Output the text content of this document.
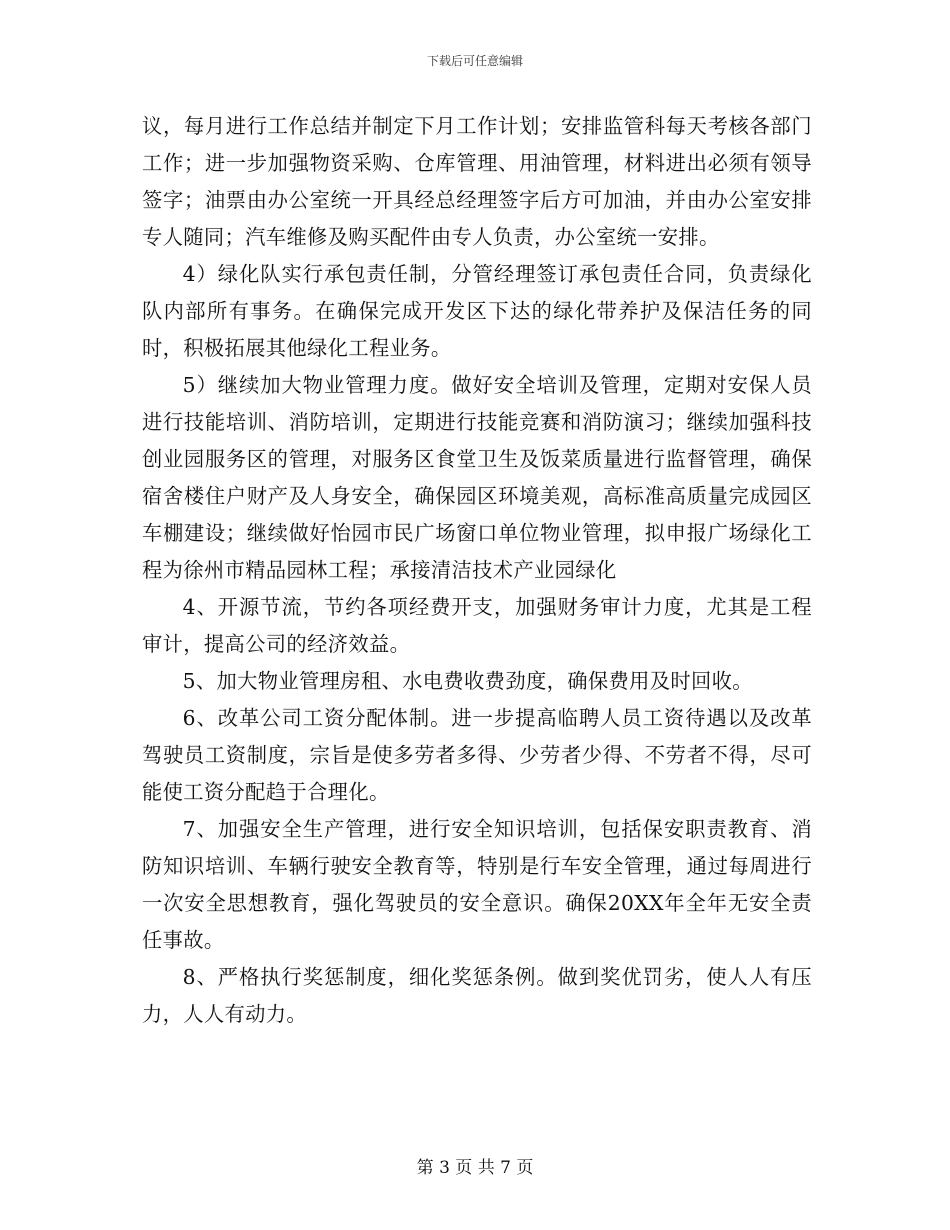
下载后可任意编辑

议，每月进行工作总结并制定下月工作计划；安排监管科每天考核各部门工作；进一步加强物资采购、仓库管理、用油管理，材料进出必须有领导签字；油票由办公室统一开具经总经理签字后方可加油，并由办公室安排专人随同；汽车维修及购买配件由专人负责，办公室统一安排。

4）绿化队实行承包责任制，分管经理签订承包责任合同，负责绿化队内部所有事务。在确保完成开发区下达的绿化带养护及保洁任务的同时，积极拓展其他绿化工程业务。

5）继续加大物业管理力度。做好安全培训及管理，定期对安保人员进行技能培训、消防培训，定期进行技能竞赛和消防演习；继续加强科技创业园服务区的管理，对服务区食堂卫生及饭菜质量进行监督管理，确保宿舍楼住户财产及人身安全，确保园区环境美观，高标准高质量完成园区车棚建设；继续做好怡园市民广场窗口单位物业管理，拟申报广场绿化工程为徐州市精品园林工程；承接清洁技术产业园绿化

4、开源节流，节约各项经费开支，加强财务审计力度，尤其是工程审计，提高公司的经济效益。

5、加大物业管理房租、水电费收费劲度，确保费用及时回收。

6、改革公司工资分配体制。进一步提高临聘人员工资待遇以及改革驾驶员工资制度，宗旨是使多劳者多得、少劳者少得、不劳者不得，尽可能使工资分配趋于合理化。

7、加强安全生产管理，进行安全知识培训，包括保安职责教育、消防知识培训、车辆行驶安全教育等，特别是行车安全管理，通过每周进行一次安全思想教育，强化驾驶员的安全意识。确保20XX年全年无安全责任事故。

8、严格执行奖惩制度，细化奖惩条例。做到奖优罚劣，使人人有压力，人人有动力。

第 3 页 共 7 页
